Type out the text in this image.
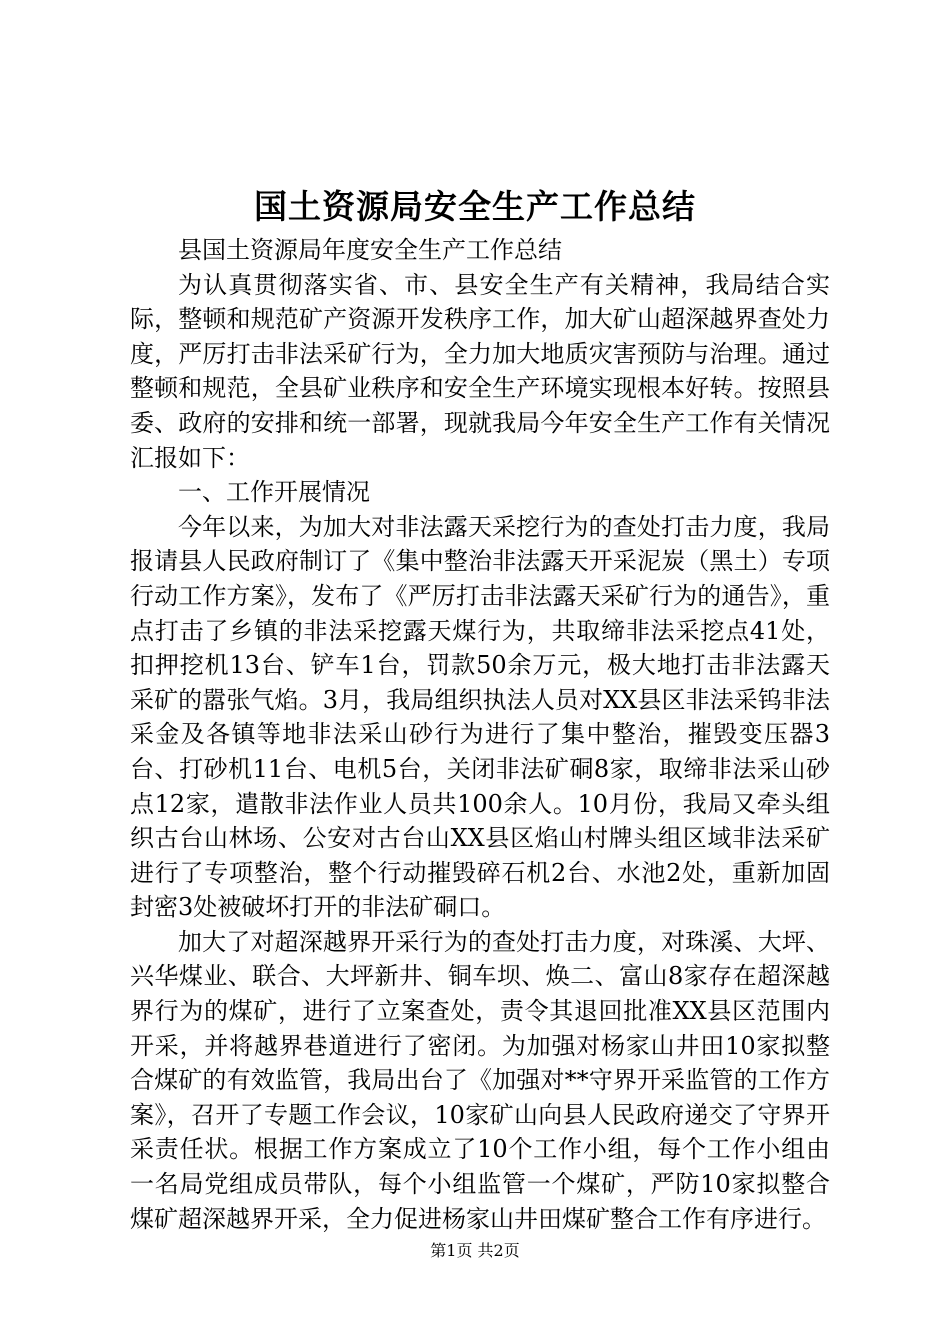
国土资源局安全生产工作总结

县国土资源局年度安全生产工作总结

为认真贯彻落实省、市、县安全生产有关精神，我局结合实际，整顿和规范矿产资源开发秩序工作，加大矿山超深越界查处力度，严厉打击非法采矿行为，全力加大地质灾害预防与治理。通过整顿和规范，全县矿业秩序和安全生产环境实现根本好转。按照县委、政府的安排和统一部署，现就我局今年安全生产工作有关情况汇报如下：

一、工作开展情况

今年以来，为加大对非法露天采挖行为的查处打击力度，我局报请县人民政府制订了《集中整治非法露天开采泥炭（黑土）专项行动工作方案》，发布了《严厉打击非法露天采矿行为的通告》，重点打击了乡镇的非法采挖露天煤行为，共取缔非法采挖点41处，扣押挖机13台、铲车1台，罚款50余万元，极大地打击非法露天采矿的嚣张气焰。3月，我局组织执法人员对XX县区非法采钨非法采金及各镇等地非法采山砂行为进行了集中整治，摧毁变压器3台、打砂机11台、电机5台，关闭非法矿硐8家，取缔非法采山砂点12家，遣散非法作业人员共100余人。10月份，我局又牵头组织古台山林场、公安对古台山XX县区焰山村牌头组区域非法采矿进行了专项整治，整个行动摧毁碎石机2台、水池2处，重新加固封密3处被破坏打开的非法矿硐口。

加大了对超深越界开采行为的查处打击力度，对珠溪、大坪、兴华煤业、联合、大坪新井、铜车坝、焕二、富山8家存在超深越界行为的煤矿，进行了立案查处，责令其退回批准XX县区范围内开采，并将越界巷道进行了密闭。为加强对杨家山井田10家拟整合煤矿的有效监管，我局出台了《加强对**守界开采监管的工作方案》，召开了专题工作会议，10家矿山向县人民政府递交了守界开采责任状。根据工作方案成立了10个工作小组，每个工作小组由一名局党组成员带队，每个小组监管一个煤矿，严防10家拟整合煤矿超深越界开采，全力促进杨家山井田煤矿整合工作有序进行。

第1页 共2页
